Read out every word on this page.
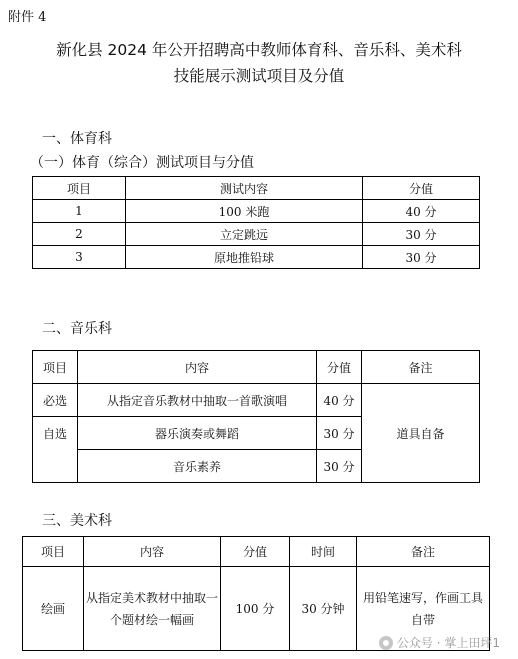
附件 4
新化县 2024 年公开招聘高中教师体育科、音乐科、美术科
技能展示测试项目及分值
一、体育科
（一）体育（综合）测试项目与分值
项目	测试内容	分值
1	100 米跑	40 分
2	立定跳远	30 分
3	原地推铅球	30 分
二、音乐科
项目	内容	分值	备注
必选	从指定音乐教材中抽取一首歌演唱	40 分	道具自备
自选	器乐演奏或舞蹈	30 分	
	音乐素养	30 分	
三、美术科
项目	内容	分值	时间	备注
绘画	从指定美术教材中抽取一个题材绘一幅画	100 分	30 分钟	用铅笔速写，作画工具自带
公众号 · 掌上田坪1
